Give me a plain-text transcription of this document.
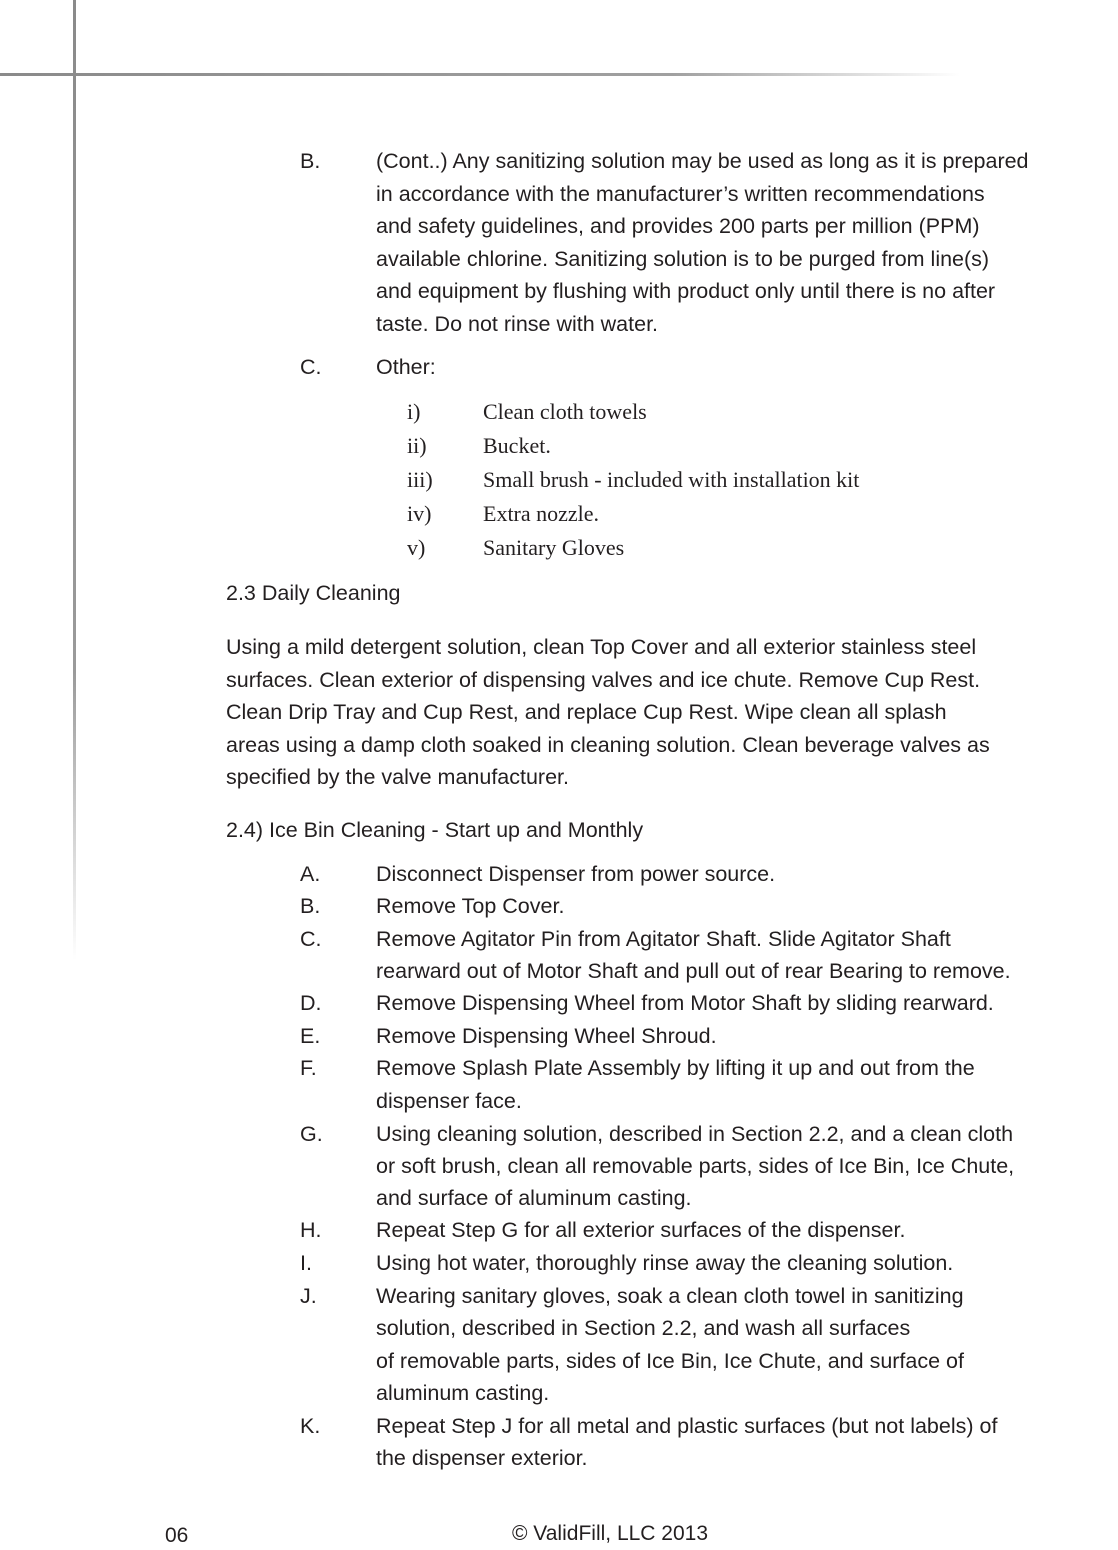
B.	(Cont..) Any sanitizing solution may be used as long as it is prepared
in accordance with the manufacturer’s written recommendations
and safety guidelines, and provides 200 parts per million (PPM)
available chlorine. Sanitizing solution is to be purged from line(s)
and equipment by flushing with product only until there is no after
taste. Do not rinse with water.
C.	Other:
i)	Clean cloth towels
ii)	Bucket.
iii) Small brush - included with installation kit
iv) Extra nozzle.
v)	Sanitary Gloves
2.3 Daily Cleaning
Using a mild detergent solution, clean Top Cover and all exterior stainless steel
surfaces. Clean exterior of dispensing valves and ice chute. Remove Cup Rest.
Clean Drip Tray and Cup Rest, and replace Cup Rest. Wipe clean all splash
areas using a damp cloth soaked in cleaning solution. Clean beverage valves as
specified by the valve manufacturer.
2.4) Ice Bin Cleaning - Start up and Monthly
A.	Disconnect Dispenser from power source.
B.	Remove Top Cover.
C.	Remove Agitator Pin from Agitator Shaft. Slide Agitator Shaft
rearward out of Motor Shaft and pull out of rear Bearing to remove.
D.	Remove Dispensing Wheel from Motor Shaft by sliding rearward.
E.	Remove Dispensing Wheel Shroud.
F.	Remove Splash Plate Assembly by lifting it up and out from the
dispenser face.
G. Using cleaning solution, described in Section 2.2, and a clean cloth
or soft brush, clean all removable parts, sides of Ice Bin, Ice Chute,
and surface of aluminum casting.
H.	Repeat Step G for all exterior surfaces of the dispenser.
I.	Using hot water, thoroughly rinse away the cleaning solution.
J.	Wearing sanitary gloves, soak a clean cloth towel in sanitizing
solution, described in Section 2.2, and wash all surfaces
of removable parts, sides of Ice Bin, Ice Chute, and surface of
aluminum casting.
K.	Repeat Step J for all metal and plastic surfaces (but not labels) of
the dispenser exterior.
06	© ValidFill, LLC 2013
